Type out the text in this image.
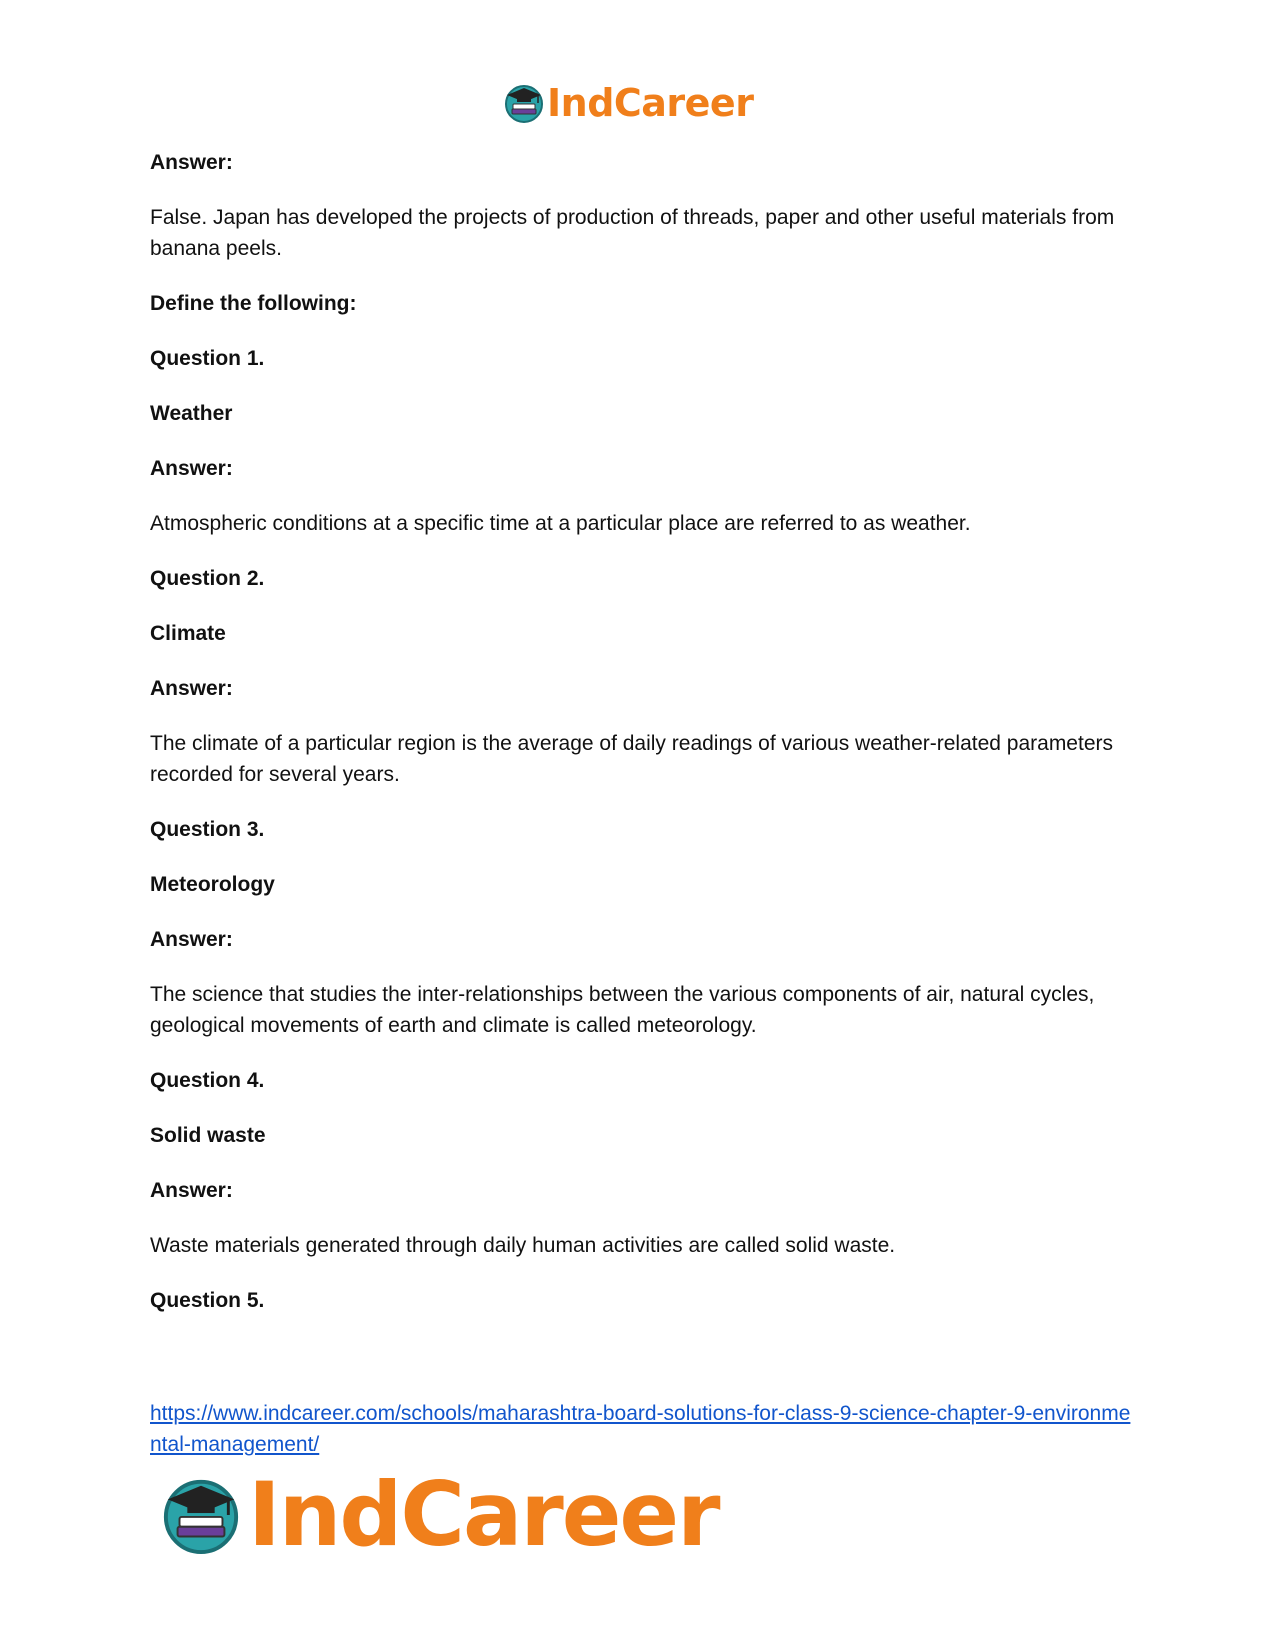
IndCareer

Answer:

False. Japan has developed the projects of production of threads, paper and other useful materials from banana peels.

Define the following:

Question 1.

Weather

Answer:

Atmospheric conditions at a specific time at a particular place are referred to as weather.

Question 2.

Climate

Answer:

The climate of a particular region is the average of daily readings of various weather-related parameters recorded for several years.

Question 3.

Meteorology

Answer:

The science that studies the inter-relationships between the various components of air, natural cycles, geological movements of earth and climate is called meteorology.

Question 4.

Solid waste

Answer:

Waste materials generated through daily human activities are called solid waste.

Question 5.

https://www.indcareer.com/schools/maharashtra-board-solutions-for-class-9-science-chapter-9-environmental-management/
IndCareer
